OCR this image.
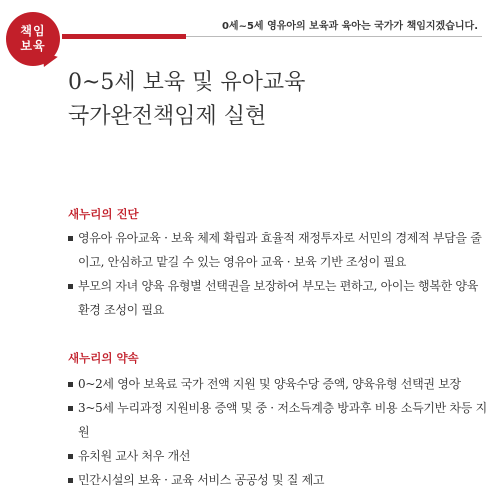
책임
보육
0세~5세 영유아의 보육과 육아는 국가가 책임지겠습니다.
0~5세 보육 및 유아교육
국가완전책임제 실현
새누리의 진단
영유아 유아교육 · 보육 체제 확립과 효율적 재정투자로 서민의 경제적 부담을 줄이고, 안심하고 맡길 수 있는 영유아 교육 · 보육 기반 조성이 필요
부모의 자녀 양육 유형별 선택권을 보장하여 부모는 편하고, 아이는 행복한 양육 환경 조성이 필요
새누리의 약속
0~2세 영아 보육료 국가 전액 지원 및 양육수당 증액, 양육유형 선택권 보장
3~5세 누리과정 지원비용 증액 및 중 · 저소득계층 방과후 비용 소득기반 차등 지원
유치원 교사 처우 개선
민간시설의 보육 · 교육 서비스 공공성 및 질 제고
